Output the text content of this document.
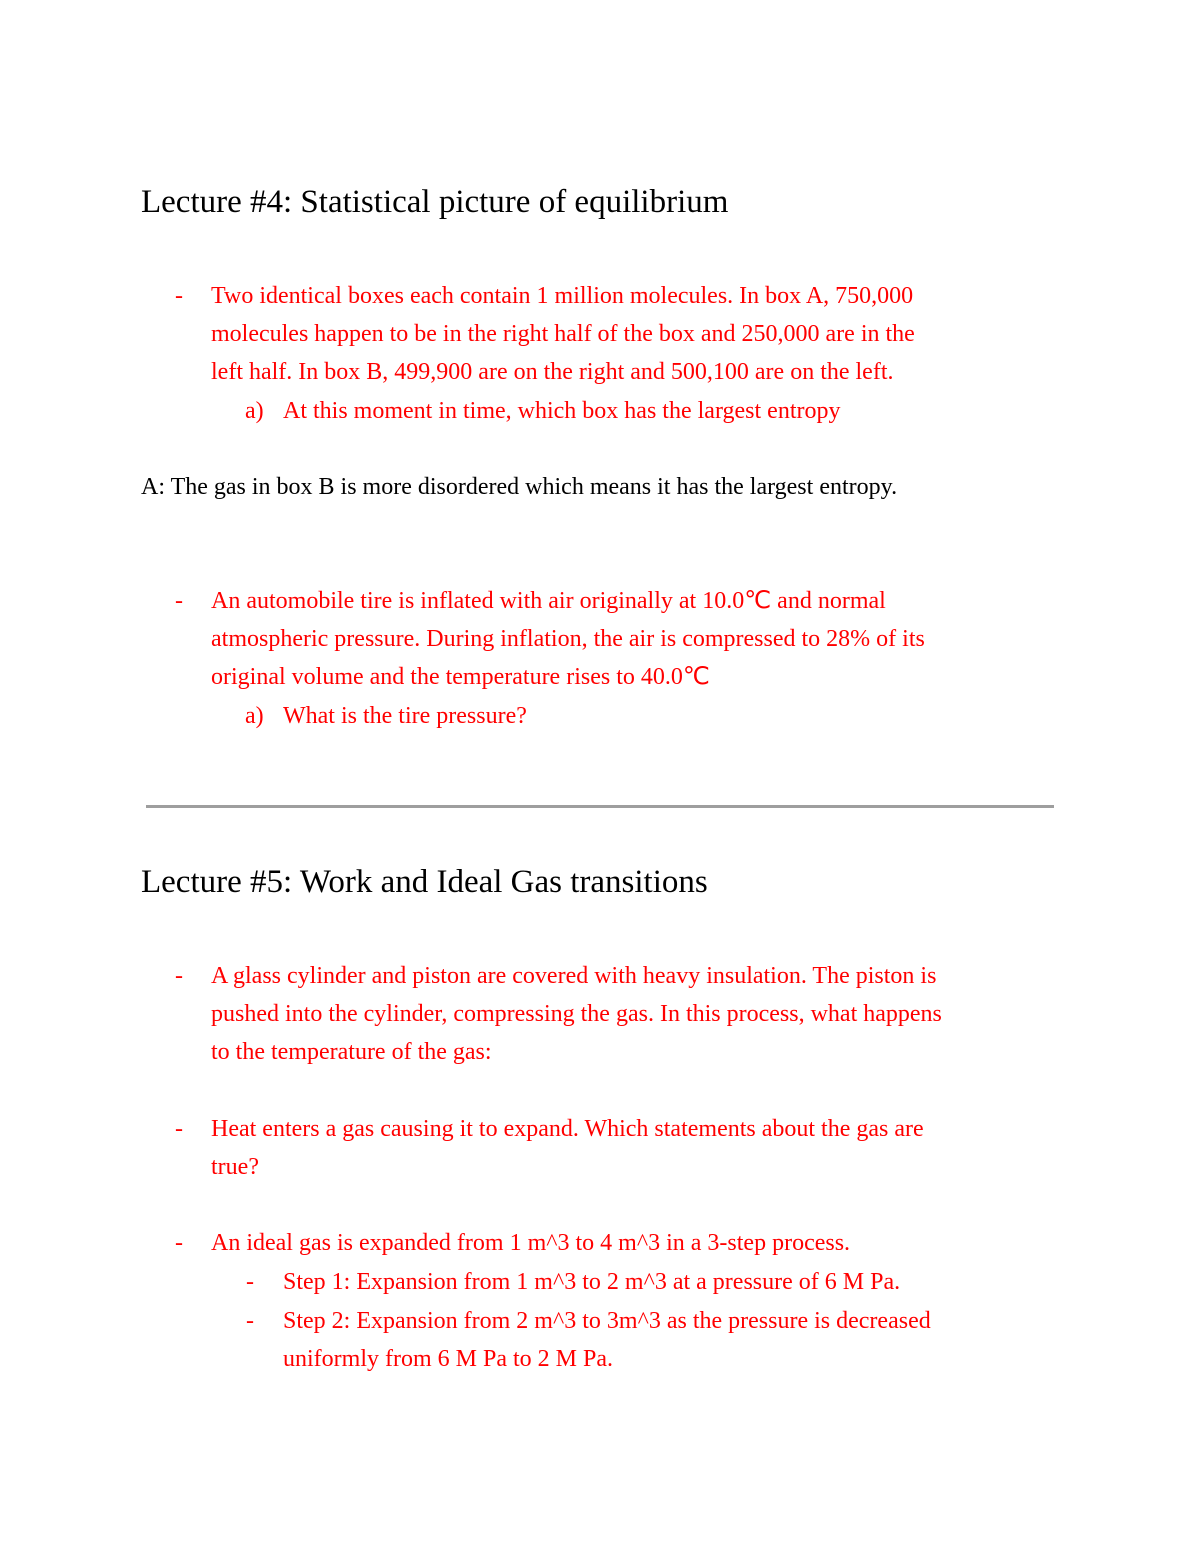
Lecture #4: Statistical picture of equilibrium
- Two identical boxes each contain 1 million molecules. In box A, 750,000

molecules happen to be in the right half of the box and 250,000 are in the

left half. In box B, 499,900 are on the right and 500,100 are on the left.

a) At this moment in time, which box has the largest entropy

A: The gas in box B is more disordered which means it has the largest entropy.

- An automobile tire is inflated with air originally at 10.0℃ and normal

atmospheric pressure. During inflation, the air is compressed to 28% of its

original volume and the temperature rises to 40.0℃

a) What is the tire pressure?

Lecture #5: Work and Ideal Gas transitions
- A glass cylinder and piston are covered with heavy insulation. The piston is

pushed into the cylinder, compressing the gas. In this process, what happens

to the temperature of the gas:

- Heat enters a gas causing it to expand. Which statements about the gas are

true?

- An ideal gas is expanded from 1 m^3 to 4 m^3 in a 3-step process.

- Step 1: Expansion from 1 m^3 to 2 m^3 at a pressure of 6 M Pa.

- Step 2: Expansion from 2 m^3 to 3m^3 as the pressure is decreased

uniformly from 6 M Pa to 2 M Pa.
